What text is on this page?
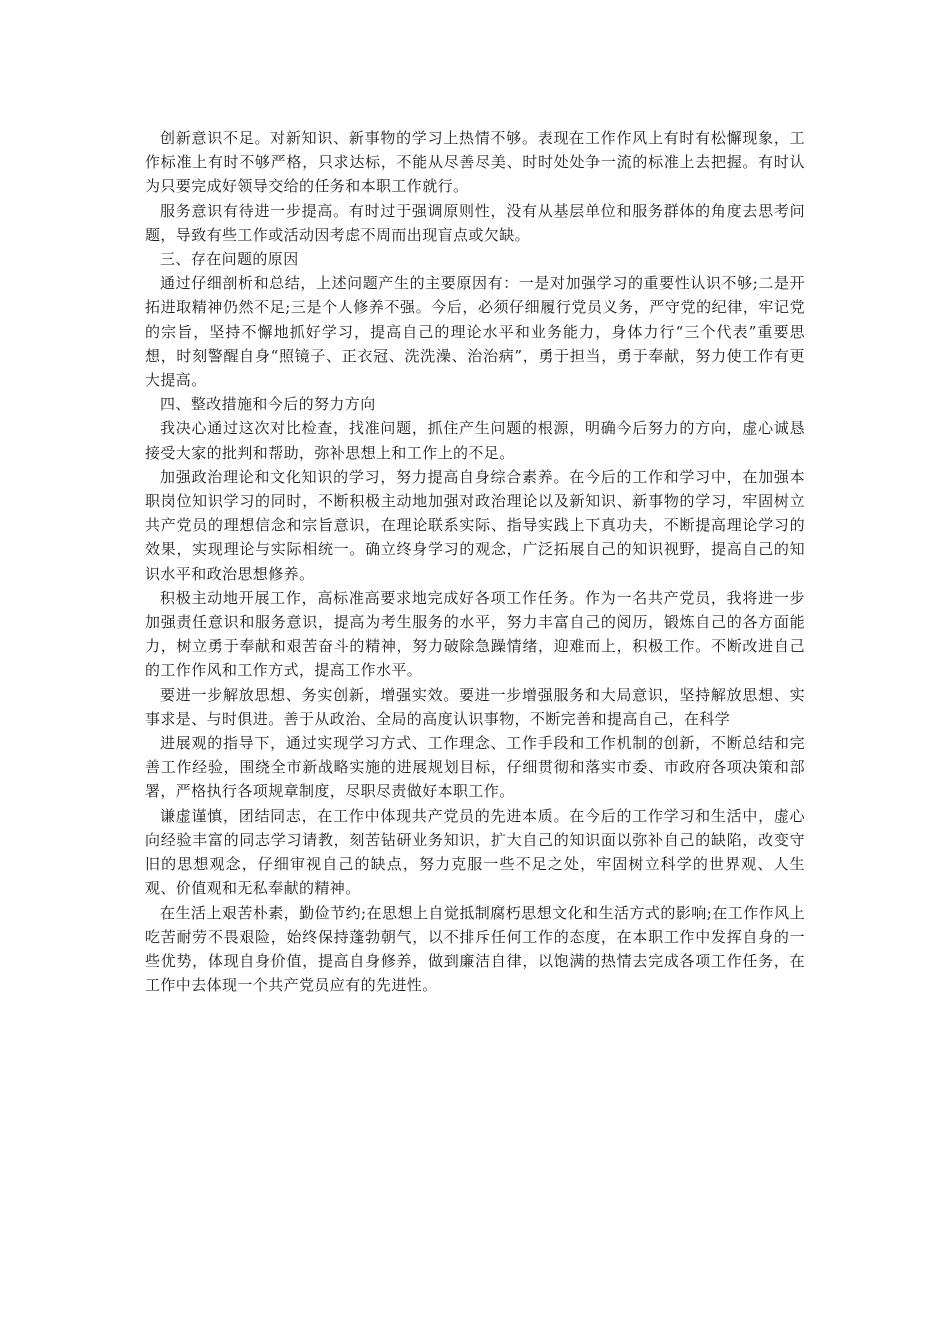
创新意识不足。对新知识、新事物的学习上热情不够。表现在工作作风上有时有松懈现象，工作标准上有时不够严格，只求达标，不能从尽善尽美、时时处处争一流的标准上去把握。有时认为只要完成好领导交给的任务和本职工作就行。

服务意识有待进一步提高。有时过于强调原则性，没有从基层单位和服务群体的角度去思考问题，导致有些工作或活动因考虑不周而出现盲点或欠缺。

三、存在问题的原因

通过仔细剖析和总结，上述问题产生的主要原因有：一是对加强学习的重要性认识不够;二是开拓进取精神仍然不足;三是个人修养不强。今后，必须仔细履行党员义务，严守党的纪律，牢记党的宗旨，坚持不懈地抓好学习，提高自己的理论水平和业务能力，身体力行“三个代表”重要思想，时刻警醒自身“照镜子、正衣冠、洗洗澡、治治病”，勇于担当，勇于奉献，努力使工作有更大提高。

四、整改措施和今后的努力方向

我决心通过这次对比检查，找准问题，抓住产生问题的根源，明确今后努力的方向，虚心诚恳接受大家的批判和帮助，弥补思想上和工作上的不足。

加强政治理论和文化知识的学习，努力提高自身综合素养。在今后的工作和学习中，在加强本职岗位知识学习的同时，不断积极主动地加强对政治理论以及新知识、新事物的学习，牢固树立共产党员的理想信念和宗旨意识，在理论联系实际、指导实践上下真功夫，不断提高理论学习的效果，实现理论与实际相统一。确立终身学习的观念，广泛拓展自己的知识视野，提高自己的知识水平和政治思想修养。

积极主动地开展工作，高标准高要求地完成好各项工作任务。作为一名共产党员，我将进一步加强责任意识和服务意识，提高为考生服务的水平，努力丰富自己的阅历，锻炼自己的各方面能力，树立勇于奉献和艰苦奋斗的精神，努力破除急躁情绪，迎难而上，积极工作。不断改进自己的工作作风和工作方式，提高工作水平。

要进一步解放思想、务实创新，增强实效。要进一步增强服务和大局意识，坚持解放思想、实事求是、与时俱进。善于从政治、全局的高度认识事物，不断完善和提高自己，在科学

进展观的指导下，通过实现学习方式、工作理念、工作手段和工作机制的创新，不断总结和完善工作经验，围绕全市新战略实施的进展规划目标，仔细贯彻和落实市委、市政府各项决策和部署，严格执行各项规章制度，尽职尽责做好本职工作。

谦虚谨慎，团结同志，在工作中体现共产党员的先进本质。在今后的工作学习和生活中，虚心向经验丰富的同志学习请教，刻苦钻研业务知识，扩大自己的知识面以弥补自己的缺陷，改变守旧的思想观念，仔细审视自己的缺点，努力克服一些不足之处，牢固树立科学的世界观、人生观、价值观和无私奉献的精神。

在生活上艰苦朴素，勤俭节约;在思想上自觉抵制腐朽思想文化和生活方式的影响;在工作作风上吃苦耐劳不畏艰险，始终保持蓬勃朝气，以不排斥任何工作的态度，在本职工作中发挥自身的一些优势，体现自身价值，提高自身修养，做到廉洁自律，以饱满的热情去完成各项工作任务，在工作中去体现一个共产党员应有的先进性。
